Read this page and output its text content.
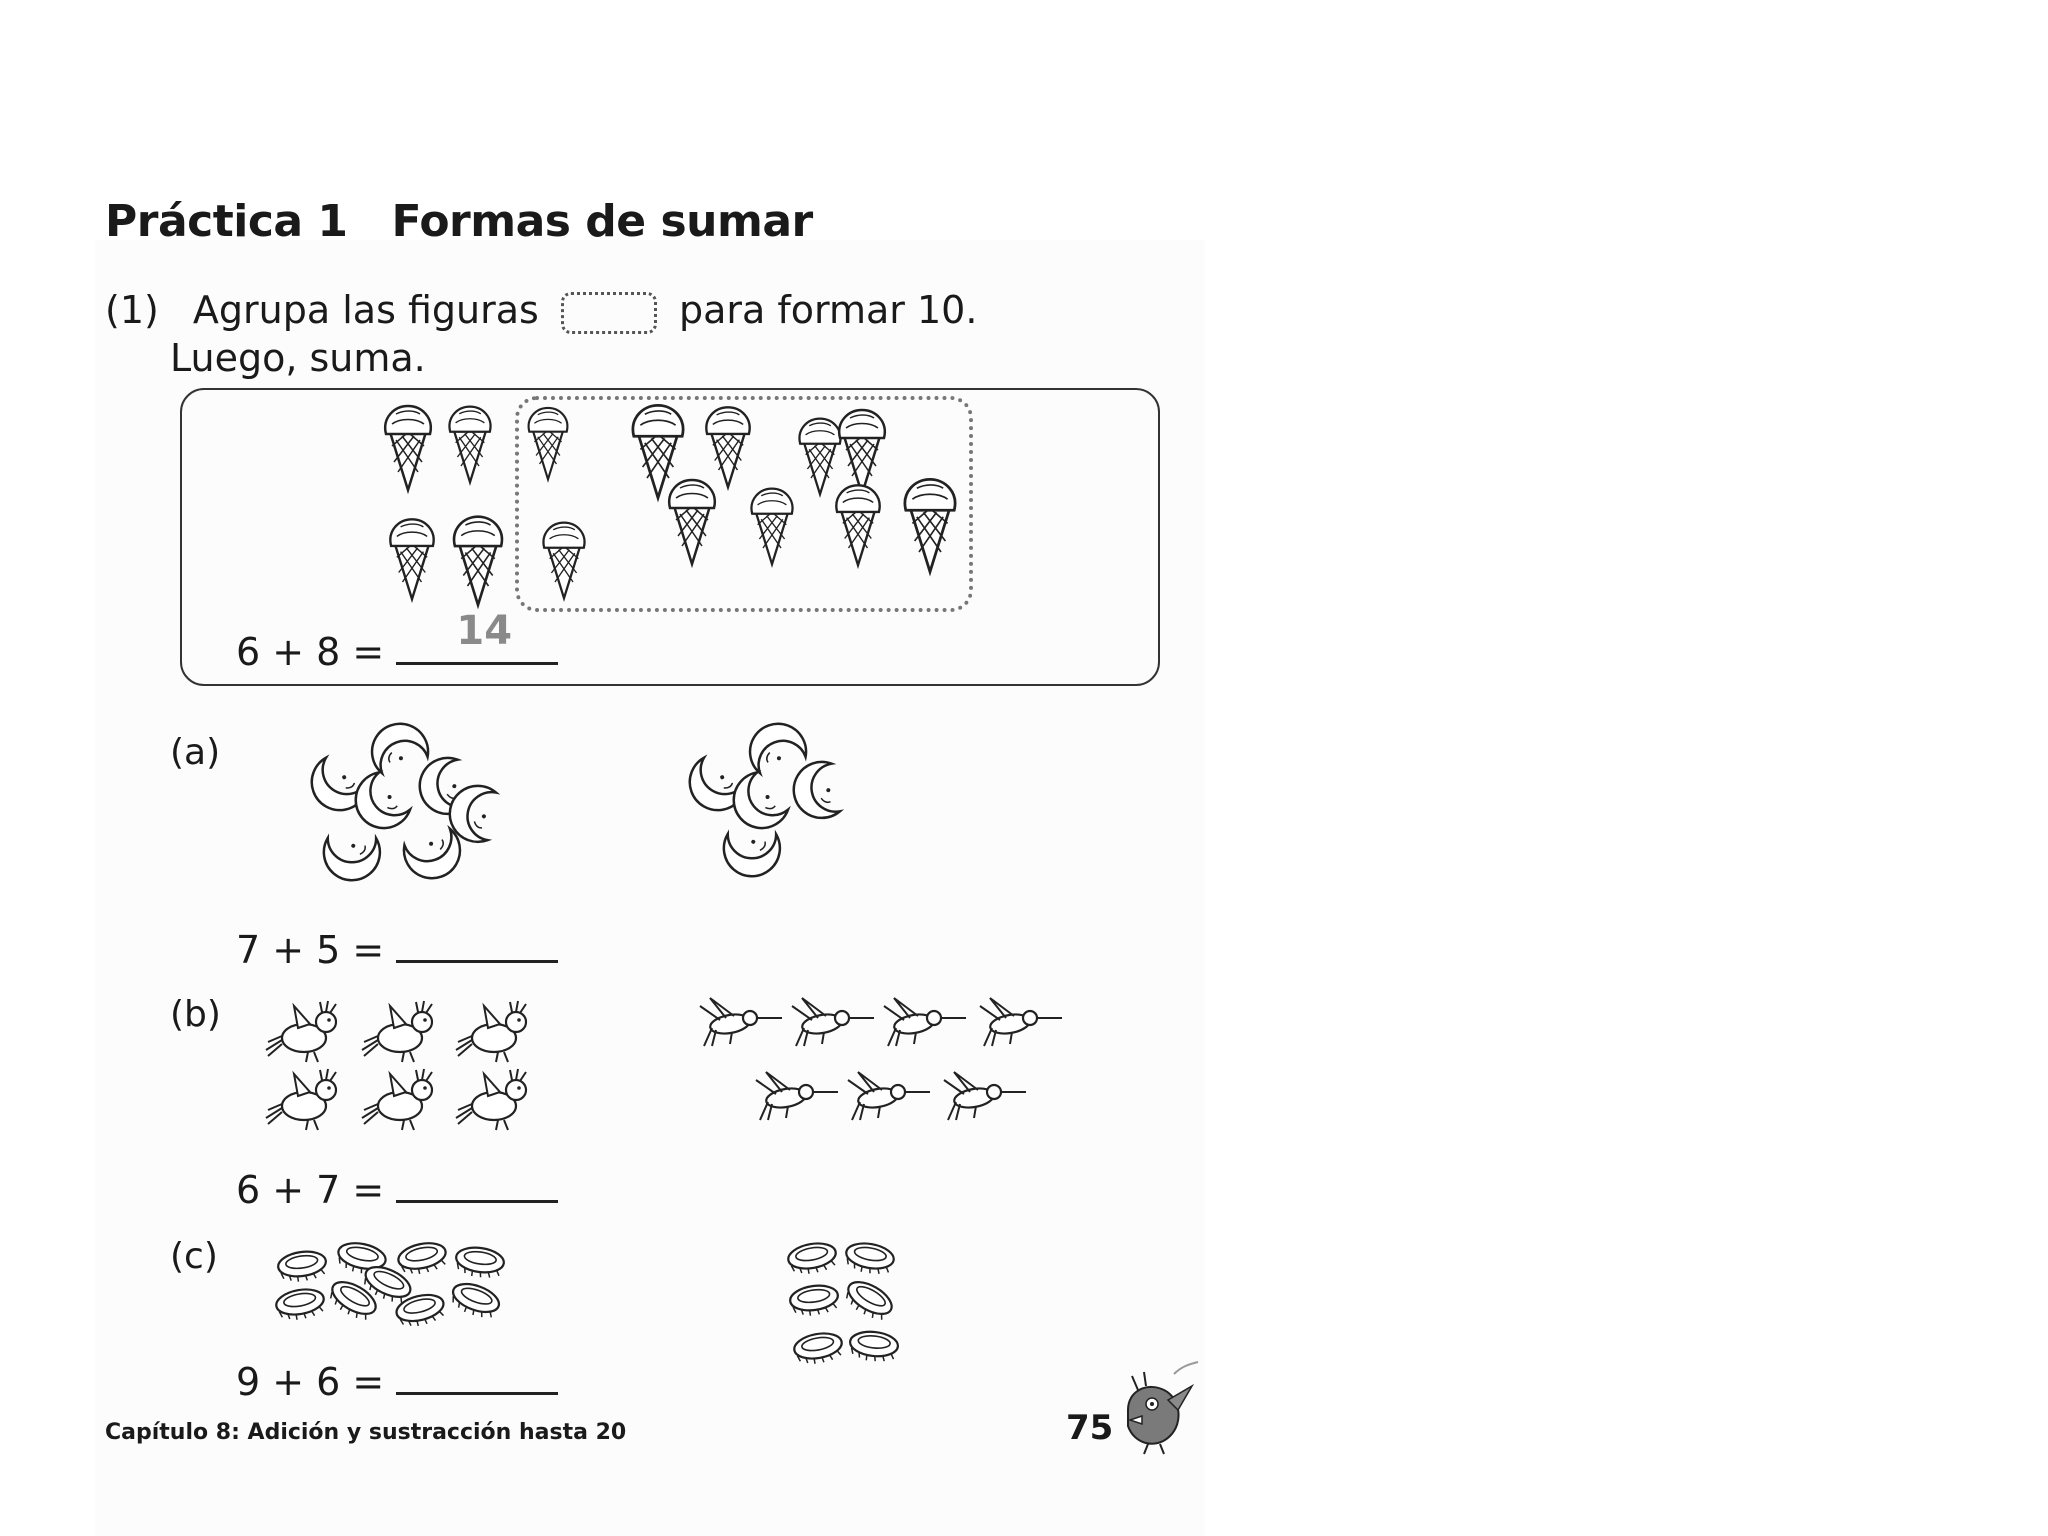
Práctica 1 Formas de sumar
(1) Agrupa las figuras	para formar 10.
Luego, suma.
6 + 8 = 14
(a)
7 + 5 =
(b)
6 + 7 =
(c)
9 + 6 =
Capítulo 8: Adición y sustracción hasta 20	75
